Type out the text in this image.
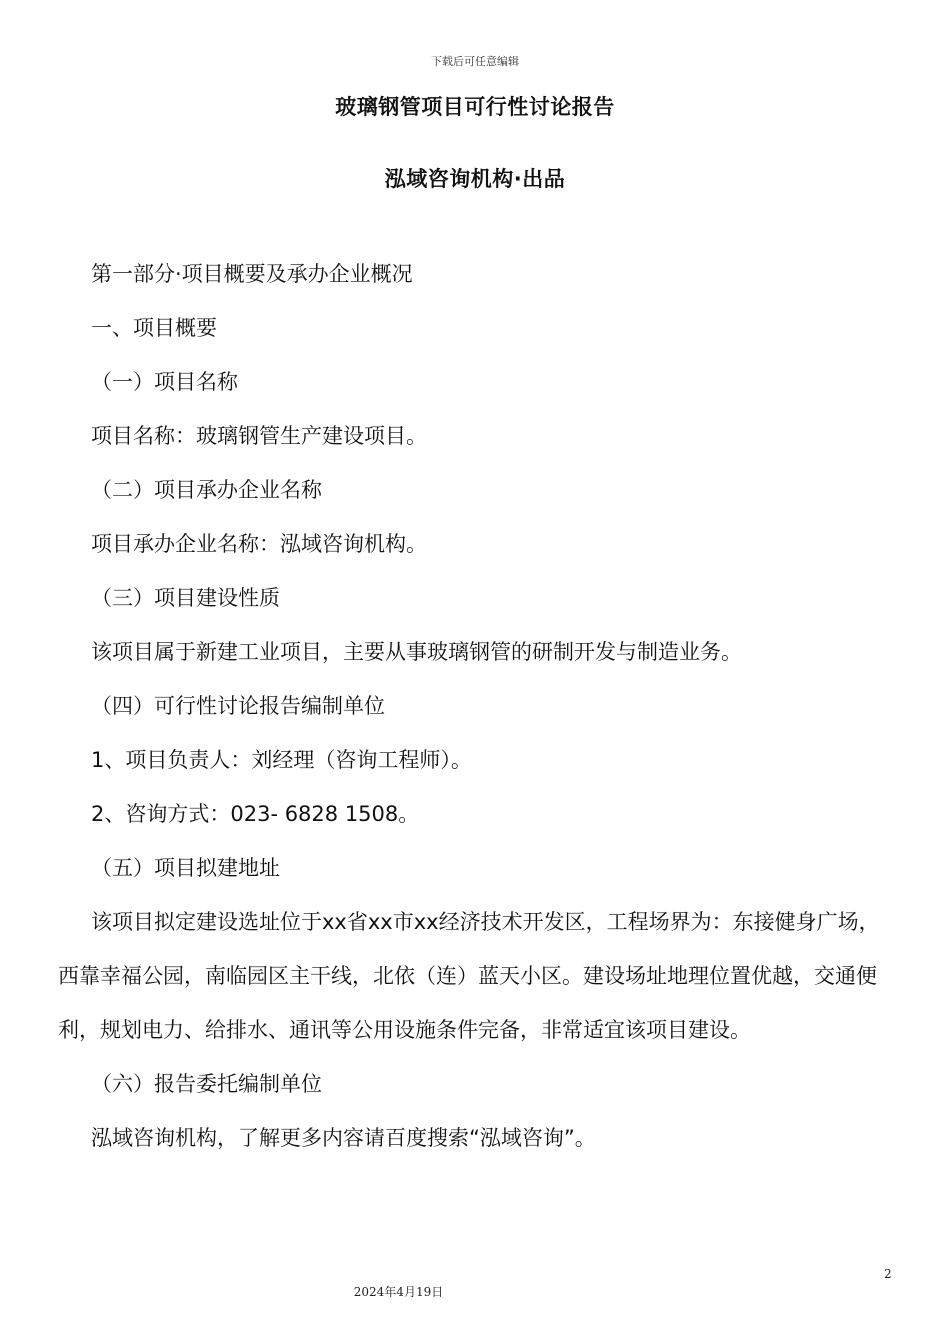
下载后可任意编辑
玻璃钢管项目可行性讨论报告
泓域咨询机构·出品

第一部分·项目概要及承办企业概况

一、项目概要

（一）项目名称

项目名称：玻璃钢管生产建设项目。

（二）项目承办企业名称

项目承办企业名称：泓域咨询机构。

（三）项目建设性质

该项目属于新建工业项目，主要从事玻璃钢管的研制开发与制造业务。

（四）可行性讨论报告编制单位

1、项目负责人：刘经理（咨询工程师）。

2、咨询方式：023- 6828 1508。

（五）项目拟建地址

该项目拟定建设选址位于xx省xx市xx经济技术开发区，工程场界为：东接健身广场，西靠幸福公园，南临园区主干线，北依（连）蓝天小区。建设场址地理位置优越，交通便利，规划电力、给排水、通讯等公用设施条件完备，非常适宜该项目建设。

（六）报告委托编制单位

泓域咨询机构，了解更多内容请百度搜索“泓域咨询”。

2
2024年4月19日
